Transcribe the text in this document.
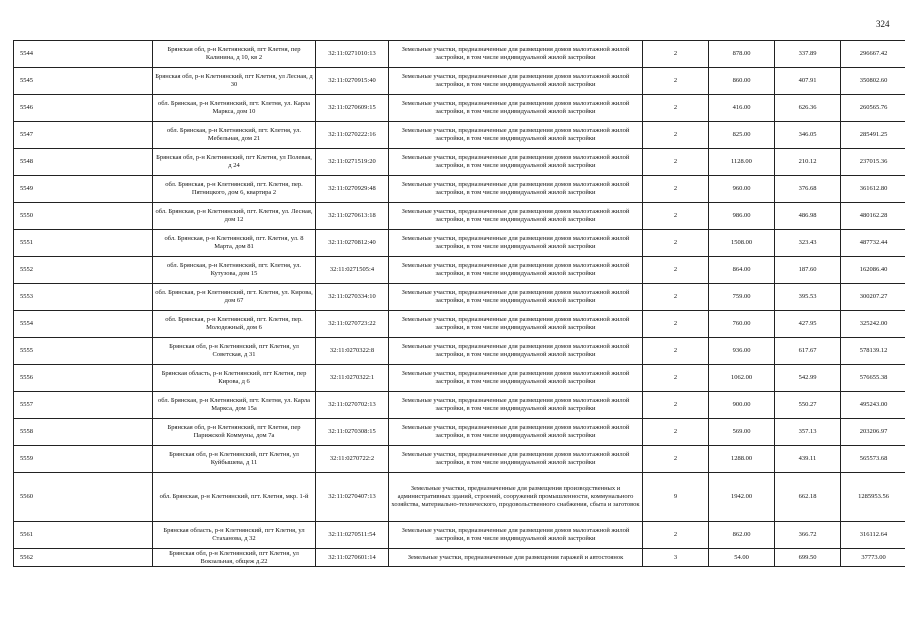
324
5544	Брянская обл, р-н Клетнянский, пгт Клетня, пер Калинина, д 10, кв 2	32:11:0271010:13	Земельные участки, предназначенные для размещения домов малоэтажной жилой застройки, в том числе индивидуальной жилой застройки	2	878.00	337.89	296667.42
5545	Брянская обл, р-н Клетнянский, пгт Клетня, ул Лесная, д 30	32:11:0270915:40	Земельные участки, предназначенные для размещения домов малоэтажной жилой застройки, в том числе индивидуальной жилой застройки	2	860.00	407.91	350802.60
5546	обл. Брянская, р-н Клетнянский, пгт. Клетня, ул. Карла Маркса, дом 10	32:11:0270609:15	Земельные участки, предназначенные для размещения домов малоэтажной жилой застройки, в том числе индивидуальной жилой застройки	2	416.00	626.36	260565.76
5547	обл. Брянская, р-н Клетнянский, пгт. Клетня, ул. Мебельная, дом 21	32:11:0270222:16	Земельные участки, предназначенные для размещения домов малоэтажной жилой застройки, в том числе индивидуальной жилой застройки	2	825.00	346.05	285491.25
5548	Брянская обл, р-н Клетнянский, пгт Клетня, ул Полевая, д 24	32:11:0271519:20	Земельные участки, предназначенные для размещения домов малоэтажной жилой застройки, в том числе индивидуальной жилой застройки	2	1128.00	210.12	237015.36
5549	обл. Брянская, р-н Клетнянский, пгт. Клетня, пер. Пятницкого, дом 6, квартира 2	32:11:0270929:48	Земельные участки, предназначенные для размещения домов малоэтажной жилой застройки, в том числе индивидуальной жилой застройки	2	960.00	376.68	361612.80
5550	обл. Брянская, р-н Клетнянский, пгт. Клетня, ул. Лесная, дом 12	32:11:0270613:18	Земельные участки, предназначенные для размещения домов малоэтажной жилой застройки, в том числе индивидуальной жилой застройки	2	986.00	486.98	480162.28
5551	обл. Брянская, р-н Клетнянский, пгт. Клетня, ул. 8 Марта, дом 81	32:11:0270812:40	Земельные участки, предназначенные для размещения домов малоэтажной жилой застройки, в том числе индивидуальной жилой застройки	2	1508.00	323.43	487732.44
5552	обл. Брянская, р-н Клетнянский, пгт. Клетня, ул. Кутузова, дом 15	32:11:0271505:4	Земельные участки, предназначенные для размещения домов малоэтажной жилой застройки, в том числе индивидуальной жилой застройки	2	864.00	187.60	162086.40
5553	обл. Брянская, р-н Клетнянский, пгт. Клетня, ул. Кирова, дом 67	32:11:0270334:10	Земельные участки, предназначенные для размещения домов малоэтажной жилой застройки, в том числе индивидуальной жилой застройки	2	759.00	395.53	300207.27
5554	обл. Брянская, р-н Клетнянский, пгт. Клетня, пер. Молодежный, дом 6	32:11:0270723:22	Земельные участки, предназначенные для размещения домов малоэтажной жилой застройки, в том числе индивидуальной жилой застройки	2	760.00	427.95	325242.00
5555	Брянская обл, р-н Клетнянский, пгт Клетня, ул Советская, д 31	32:11:0270322:8	Земельные участки, предназначенные для размещения домов малоэтажной жилой застройки, в том числе индивидуальной жилой застройки	2	936.00	617.67	578139.12
5556	Брянская область, р-н Клетнянский, пгт Клетня, пер Кирова, д 6	32:11:0270322:1	Земельные участки, предназначенные для размещения домов малоэтажной жилой застройки, в том числе индивидуальной жилой застройки	2	1062.00	542.99	576655.38
5557	обл. Брянская, р-н Клетнянский, пгт. Клетня, ул. Карла Маркса, дом 15а	32:11:0270702:13	Земельные участки, предназначенные для размещения домов малоэтажной жилой застройки, в том числе индивидуальной жилой застройки	2	900.00	550.27	495243.00
5558	Брянская обл, р-н Клетнянский, пгт Клетня, пер Парижской Коммуны, дом 7а	32:11:0270308:15	Земельные участки, предназначенные для размещения домов малоэтажной жилой застройки, в том числе индивидуальной жилой застройки	2	569.00	357.13	203206.97
5559	Брянская обл, р-н Клетнянский, пгт Клетня, ул Куйбышева, д 11	32:11:0270722:2	Земельные участки, предназначенные для размещения домов малоэтажной жилой застройки, в том числе индивидуальной жилой застройки	2	1288.00	439.11	565573.68
5560	обл. Брянская, р-н Клетнянский, пгт. Клетня, мкр. 1-й	32:11:0270407:13	Земельные участки, предназначенные для размещения производственных и административных зданий, строений, сооружений промышленности, коммунального хозяйства, материально-технического, продовольственного снабжения, сбыта и заготовок	9	1942.00	662.18	1285953.56
5561	Брянская область, р-н Клетнянский, пгт Клетня, ул Стаханова, д 32	32:11:0270511:54	Земельные участки, предназначенные для размещения домов малоэтажной жилой застройки, в том числе индивидуальной жилой застройки	2	862.00	366.72	316112.64
5562	Брянская обл, р-н Клетнянский, пгт Клетня, ул Вокзальная, общеж д.22	32:11:0270601:14	Земельные участки, предназначенные для размещения гаражей и автостоянок	3	54.00	699.50	37773.00
